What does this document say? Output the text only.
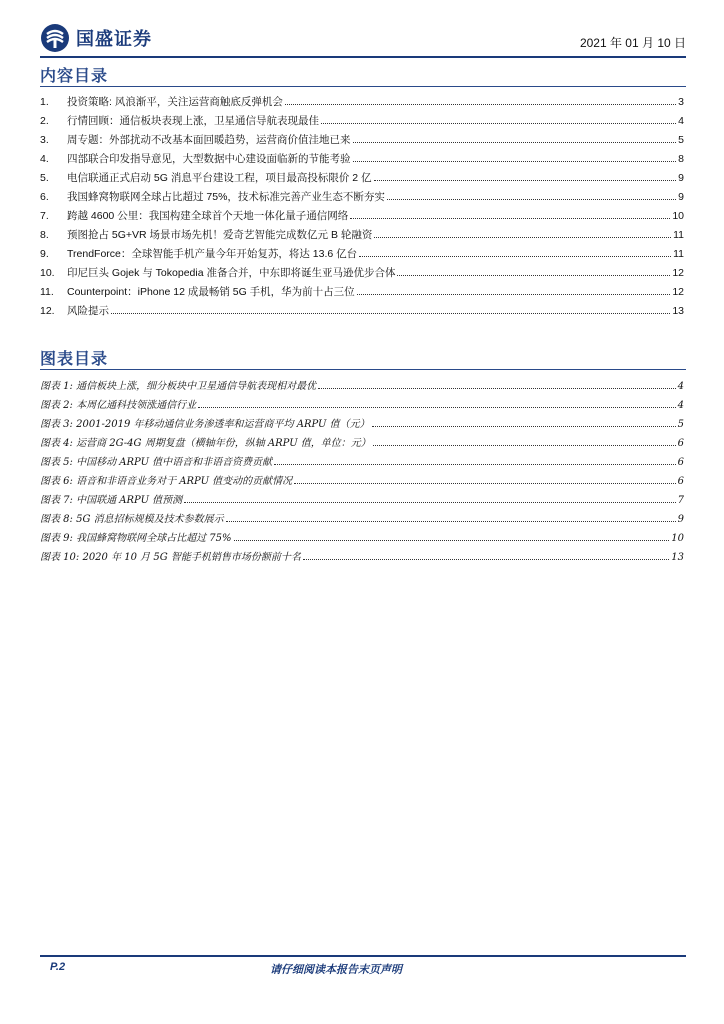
国盛证券	2021 年 01 月 10 日
内容目录
1.	投资策略: 风浪渐平，关注运营商触底反弹机会	3
2.	行情回顾：通信板块表现上涨，卫星通信导航表现最佳	4
3.	周专题：外部扰动不改基本面回暖趋势，运营商价值洼地已来	5
4.	四部联合印发指导意见，大型数据中心建设面临新的节能考验	8
5.	电信联通正式启动 5G 消息平台建设工程，项目最高投标限价 2 亿	9
6.	我国蜂窝物联网全球占比超过 75%，技术标准完善产业生态不断夯实	9
7.	跨越 4600 公里：我国构建全球首个天地一体化量子通信网络	10
8.	预图抢占 5G+VR 场景市场先机！爱奇艺智能完成数亿元 B 轮融资	11
9.	TrendForce：全球智能手机产量今年开始复苏，将达 13.6 亿台	11
10.	印尼巨头 Gojek 与 Tokopedia 准备合并，中东即将诞生亚马逊优步合体	12
11.	Counterpoint：iPhone 12 成最畅销 5G 手机，华为前十占三位	12
12.	风险提示	13
图表目录
图表 1: 通信板块上涨，细分板块中卫星通信导航表现相对最优	4
图表 2: 本周亿通科技领涨通信行业	4
图表 3: 2001-2019 年移动通信业务渗透率和运营商平均 ARPU 值（元）	5
图表 4: 运营商 2G-4G 周期复盘（横轴年份，纵轴 ARPU 值，单位：元）	6
图表 5: 中国移动 ARPU 值中语音和非语音资费贡献	6
图表 6: 语音和非语音业务对于 ARPU 值变动的贡献情况	6
图表 7: 中国联通 ARPU 值预测	7
图表 8: 5G 消息招标规模及技术参数展示	9
图表 9: 我国蜂窝物联网全球占比超过 75%	10
图表 10: 2020 年 10 月 5G 智能手机销售市场份额前十名	13
P.2	请仔细阅读本报告末页声明
